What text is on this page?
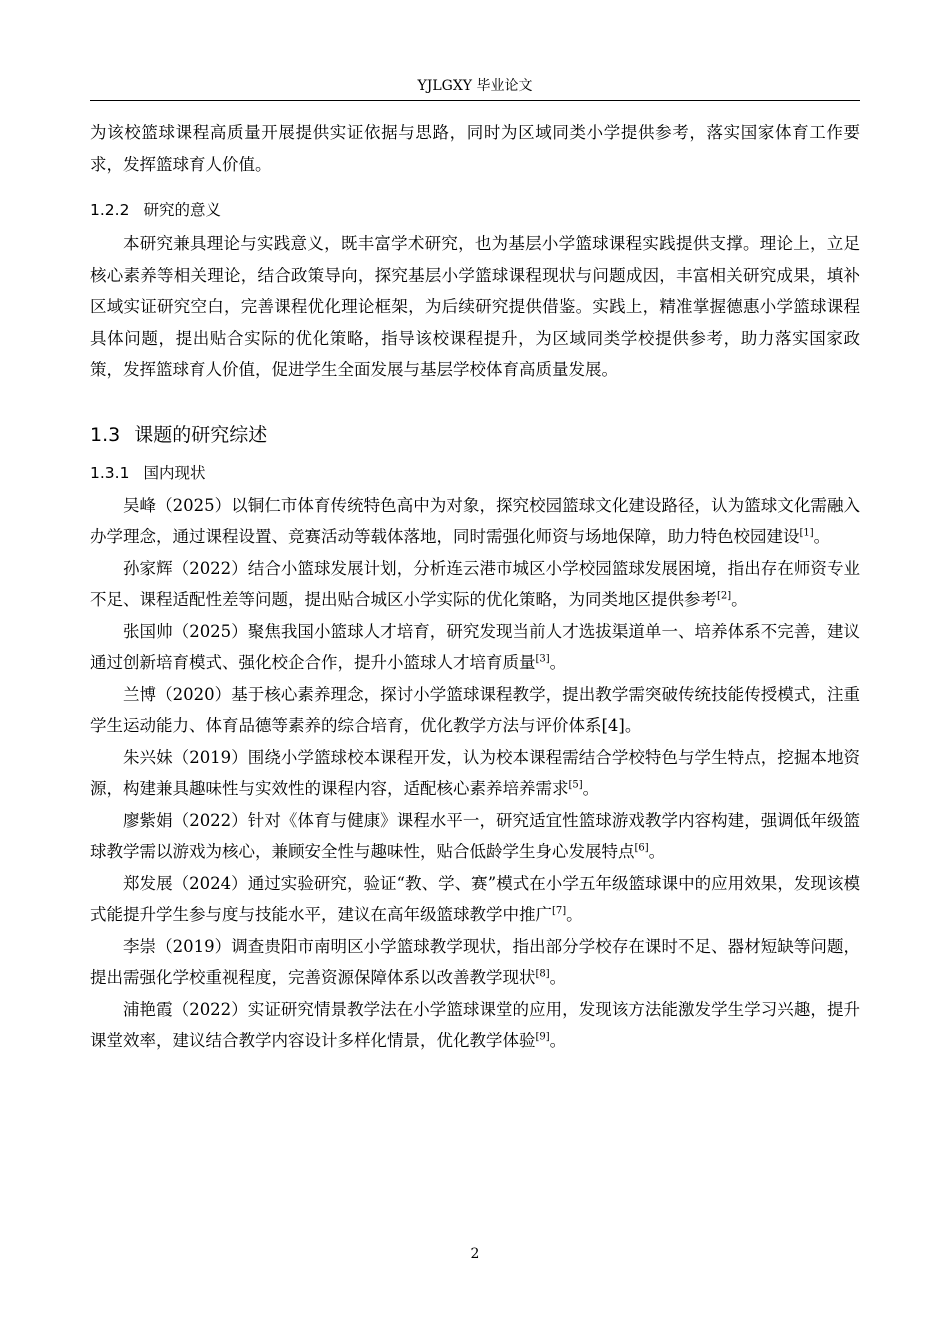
YJLGXY 毕业论文

为该校篮球课程高质量开展提供实证依据与思路，同时为区域同类小学提供参考，落实国家体育工作要求，发挥篮球育人价值。

1.2.2 研究的意义

本研究兼具理论与实践意义，既丰富学术研究，也为基层小学篮球课程实践提供支撑。理论上，立足核心素养等相关理论，结合政策导向，探究基层小学篮球课程现状与问题成因，丰富相关研究成果，填补区域实证研究空白，完善课程优化理论框架，为后续研究提供借鉴。实践上，精准掌握德惠小学篮球课程具体问题，提出贴合实际的优化策略，指导该校课程提升，为区域同类学校提供参考，助力落实国家政策，发挥篮球育人价值，促进学生全面发展与基层学校体育高质量发展。

1.3 课题的研究综述
1.3.1 国内现状

吴峰（2025）以铜仁市体育传统特色高中为对象，探究校园篮球文化建设路径，认为篮球文化需融入办学理念，通过课程设置、竞赛活动等载体落地，同时需强化师资与场地保障，助力特色校园建设[1]。

孙家辉（2022）结合小篮球发展计划，分析连云港市城区小学校园篮球发展困境，指出存在师资专业不足、课程适配性差等问题，提出贴合城区小学实际的优化策略，为同类地区提供参考[2]。

张国帅（2025）聚焦我国小篮球人才培育，研究发现当前人才选拔渠道单一、培养体系不完善，建议通过创新培育模式、强化校企合作，提升小篮球人才培育质量[3]。

兰博（2020）基于核心素养理念，探讨小学篮球课程教学，提出教学需突破传统技能传授模式，注重学生运动能力、体育品德等素养的综合培育，优化教学方法与评价体系[4]。

朱兴妹（2019）围绕小学篮球校本课程开发，认为校本课程需结合学校特色与学生特点，挖掘本地资源，构建兼具趣味性与实效性的课程内容，适配核心素养培养需求[5]。

廖紫娟（2022）针对《体育与健康》课程水平一，研究适宜性篮球游戏教学内容构建，强调低年级篮球教学需以游戏为核心，兼顾安全性与趣味性，贴合低龄学生身心发展特点[6]。

郑发展（2024）通过实验研究，验证“教、学、赛”模式在小学五年级篮球课中的应用效果，发现该模式能提升学生参与度与技能水平，建议在高年级篮球教学中推广[7]。

李崇（2019）调查贵阳市南明区小学篮球教学现状，指出部分学校存在课时不足、器材短缺等问题，提出需强化学校重视程度，完善资源保障体系以改善教学现状[8]。

浦艳霞（2022）实证研究情景教学法在小学篮球课堂的应用，发现该方法能激发学生学习兴趣，提升课堂效率，建议结合教学内容设计多样化情景，优化教学体验[9]。

2
